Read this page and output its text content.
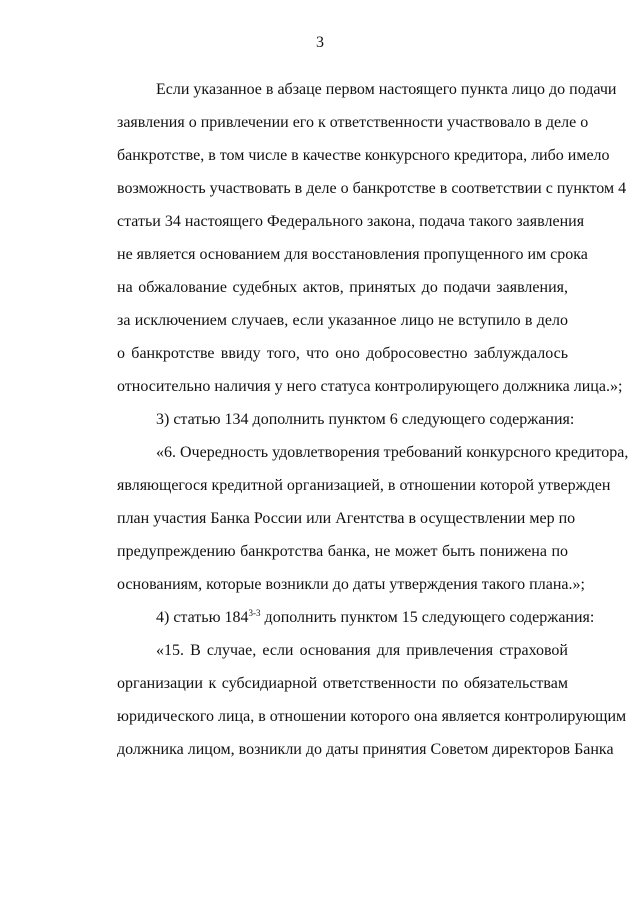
3
Если указанное в абзаце первом настоящего пункта лицо до подачи
заявления о привлечении его к ответственности участвовало в деле о
банкротстве, в том числе в качестве конкурсного кредитора, либо имело
возможность участвовать в деле о банкротстве в соответствии с пунктом 4
статьи 34 настоящего Федерального закона, подача такого заявления
не является основанием для восстановления пропущенного им срока
на обжалование судебных актов, принятых до подачи заявления,
за исключением случаев, если указанное лицо не вступило в дело
о банкротстве ввиду того, что оно добросовестно заблуждалось
относительно наличия у него статуса контролирующего должника лица.»;
3) статью 134 дополнить пунктом 6 следующего содержания:
«6. Очередность удовлетворения требований конкурсного кредитора,
являющегося кредитной организацией, в отношении которой утвержден
план участия Банка России или Агентства в осуществлении мер по
предупреждению банкротства банка, не может быть понижена по
основаниям, которые возникли до даты утверждения такого плана.»;
4) статью 184$^{3-3}$ дополнить пунктом 15 следующего содержания:
«15. В случае, если основания для привлечения страховой
организации к субсидиарной ответственности по обязательствам
юридического лица, в отношении которого она является контролирующим
должника лицом, возникли до даты принятия Советом директоров Банка
